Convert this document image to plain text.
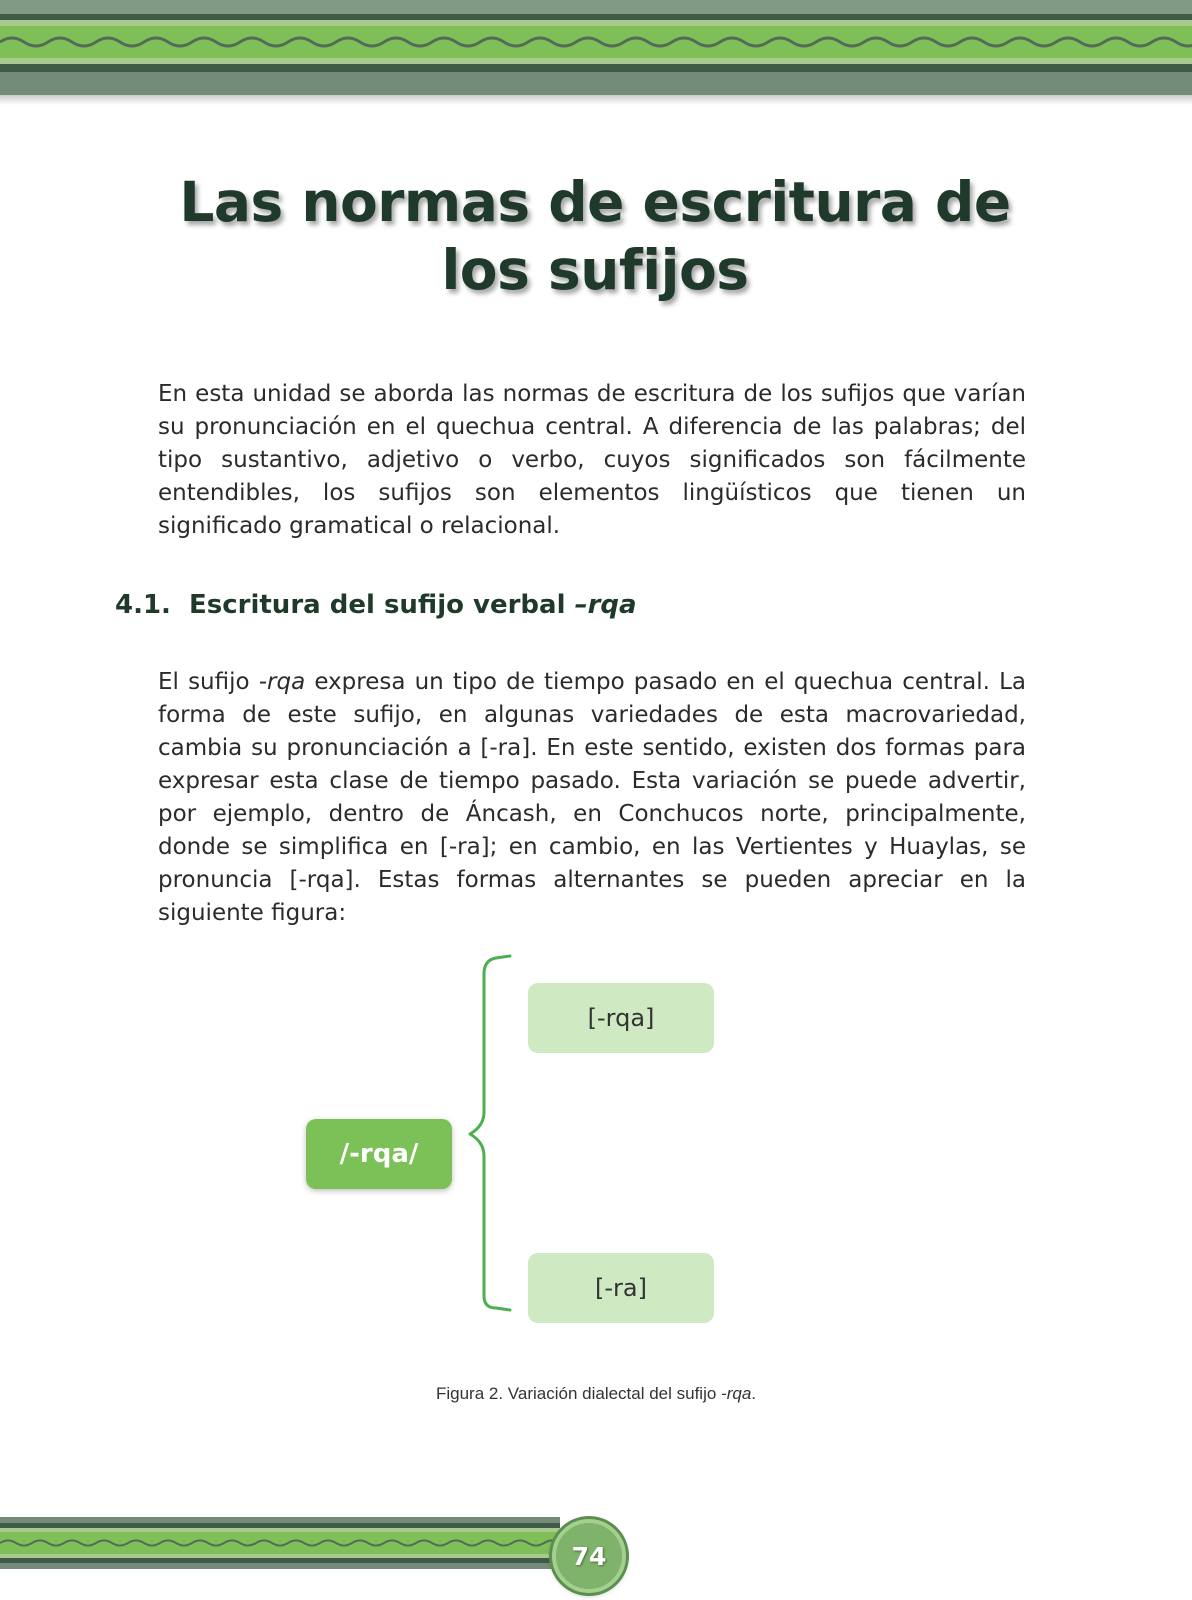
Las normas de escritura de los sufijos

En esta unidad se aborda las normas de escritura de los sufijos que varían su pronunciación en el quechua central. A diferencia de las palabras; del tipo sustantivo, adjetivo o verbo, cuyos significados son fácilmente entendibles, los sufijos son elementos lingüísticos que tienen un significado gramatical o relacional.

4.1. Escritura del sufijo verbal –rqa

El sufijo -rqa expresa un tipo de tiempo pasado en el quechua central. La forma de este sufijo, en algunas variedades de esta macrovariedad, cambia su pronunciación a [-ra]. En este sentido, existen dos formas para expresar esta clase de tiempo pasado. Esta variación se puede advertir, por ejemplo, dentro de Áncash, en Conchucos norte, principalmente, donde se simplifica en [-ra]; en cambio, en las Vertientes y Huaylas, se pronuncia [-rqa]. Estas formas alternantes se pueden apreciar en la siguiente figura:

/-rqa/
[-rqa]
[-ra]

Figura 2. Variación dialectal del sufijo -rqa.

74
